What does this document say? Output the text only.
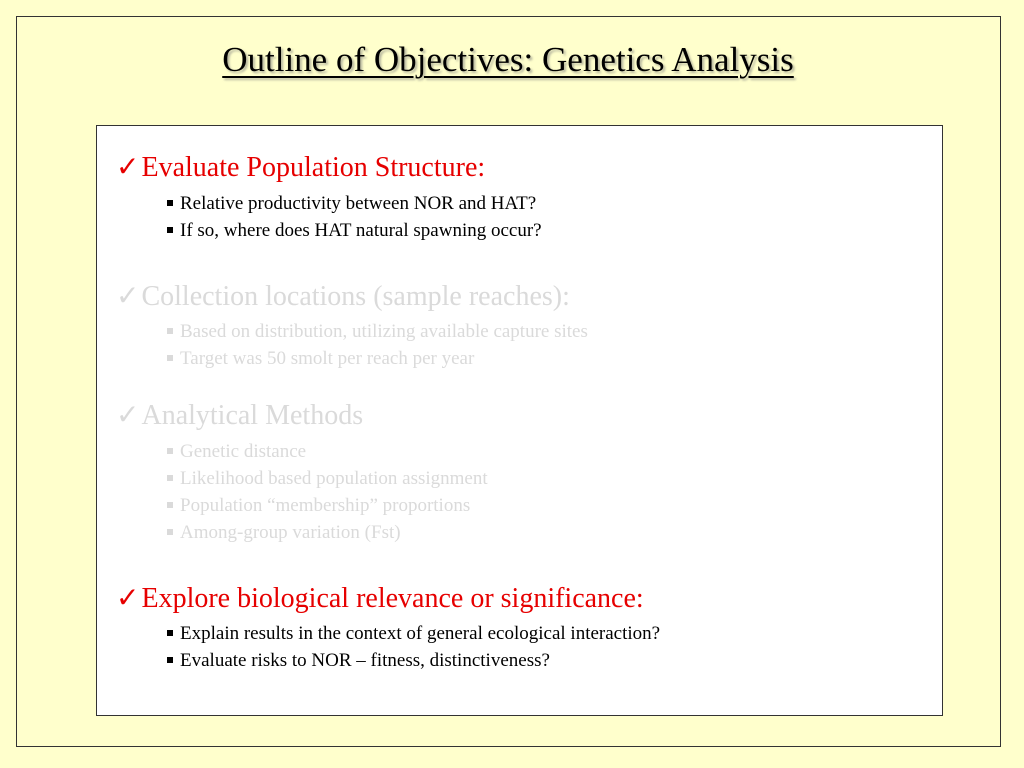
Outline of Objectives: Genetics Analysis
✓Evaluate Population Structure:
Relative productivity between NOR and HAT?
If so, where does HAT natural spawning occur?
✓Collection locations (sample reaches):
Based on distribution, utilizing available capture sites
Target was 50 smolt per reach per year
✓Analytical Methods
Genetic distance
Likelihood based population assignment
Population “membership” proportions
Among-group variation (Fst)
✓Explore biological relevance or significance:
Explain results in the context of general ecological interaction?
Evaluate risks to NOR – fitness, distinctiveness?
